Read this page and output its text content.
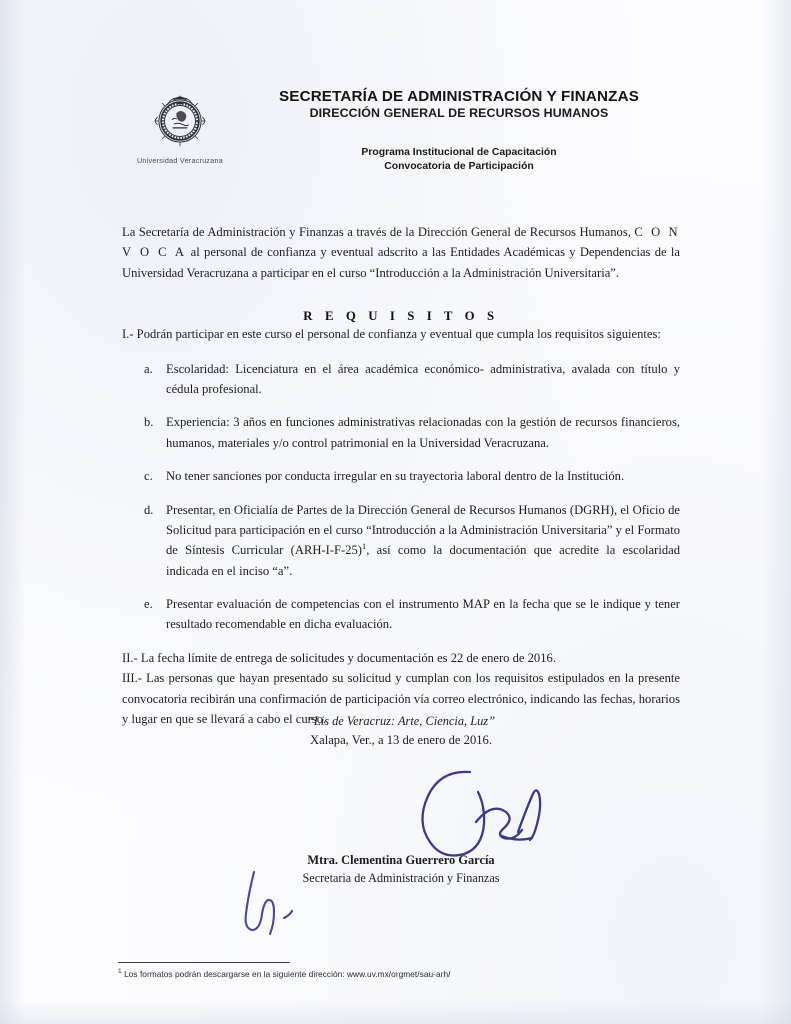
Universidad Veracruzana
SECRETARÍA DE ADMINISTRACIÓN Y FINANZAS
DIRECCIÓN GENERAL DE RECURSOS HUMANOS
Programa Institucional de Capacitación
Convocatoria de Participación

La Secretaría de Administración y Finanzas a través de la Dirección General de Recursos Humanos, C O N V O C A al personal de confianza y eventual adscrito a las Entidades Académicas y Dependencias de la Universidad Veracruzana a participar en el curso “Introducción a la Administración Universitaria”.

R E Q U I S I T O S

I.- Podrán participar en este curso el personal de confianza y eventual que cumpla los requisitos siguientes:

a.	Escolaridad: Licenciatura en el área académica económico- administrativa, avalada con título y cédula profesional.
b. Experiencia: 3 años en funciones administrativas relacionadas con la gestión de recursos financieros, humanos, materiales y/o control patrimonial en la Universidad Veracruzana.
c.	No tener sanciones por conducta irregular en su trayectoria laboral dentro de la Institución.
d. Presentar, en Oficialía de Partes de la Dirección General de Recursos Humanos (DGRH), el Oficio de Solicitud para participación en el curso “Introducción a la Administración Universitaria” y el Formato de Síntesis Curricular (ARH-I-F-25)$^1$, así como la documentación que acredite la escolaridad indicada en el inciso “a”.
e.	Presentar evaluación de competencias con el instrumento MAP en la fecha que se le indique y tener resultado recomendable en dicha evaluación.

II.- La fecha límite de entrega de solicitudes y documentación es 22 de enero de 2016.

III.- Las personas que hayan presentado su solicitud y cumplan con los requisitos estipulados en la presente convocatoria recibirán una confirmación de participación vía correo electrónico, indicando las fechas, horarios y lugar en que se llevará a cabo el curso.

“Lis de Veracruz: Arte, Ciencia, Luz”
Xalapa, Ver., a 13 de enero de 2016.
Mtra. Clementina Guerrero García
Secretaria de Administración y Finanzas
$^1$ Los formatos podrán descargarse en la siguiente dirección: www.uv.mx/orgmet/sau-arh/
